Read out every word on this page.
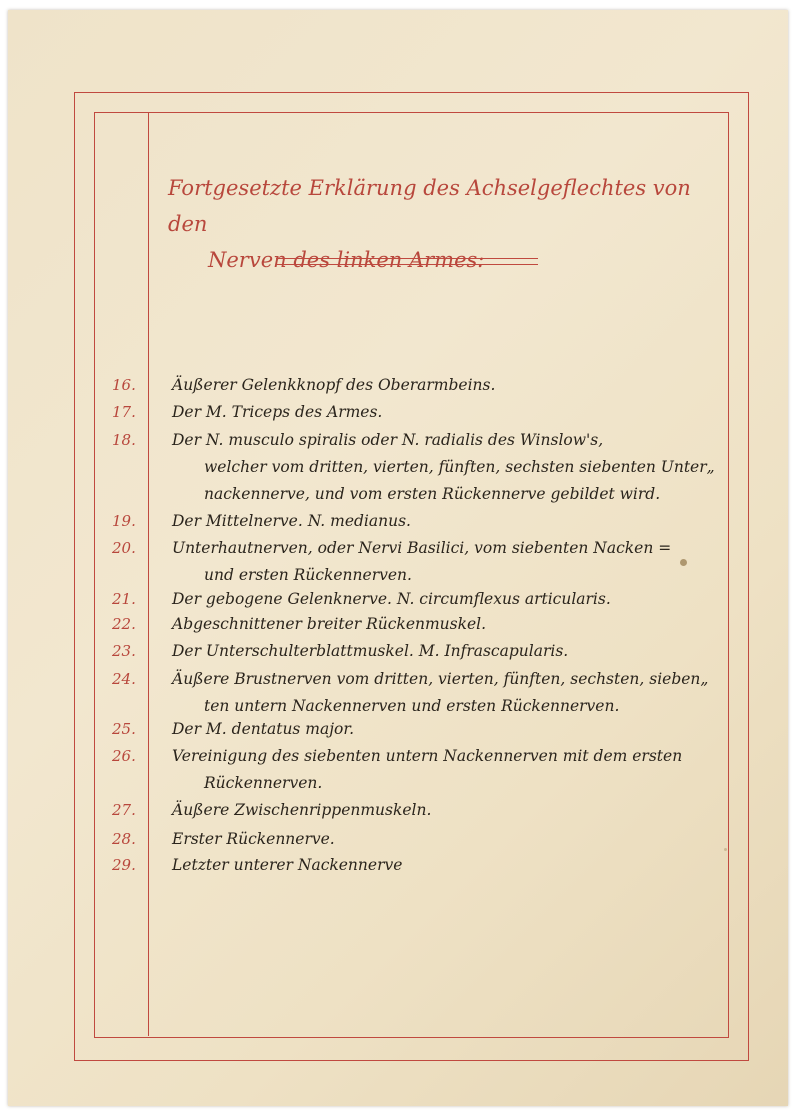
Fortgesetzte Erklärung des Achselgeflechtes von den
Nerven des linken Armes:
16.	Äußerer Gelenkknopf des Oberarmbeins.
17.	Der M. Triceps des Armes.
18.	Der N. musculo spiralis oder N. radialis des Winslow's,
welcher vom dritten, vierten, fünften, sechsten siebenten Unter„
nackennerve, und vom ersten Rückennerve gebildet wird.
19.	Der Mittelnerve. N. medianus.
20.	Unterhautnerven, oder Nervi Basilici, vom siebenten Nacken =
und ersten Rückennerven.
21.	Der gebogene Gelenknerve. N. circumflexus articularis.
22.	Abgeschnittener breiter Rückenmuskel.
23.	Der Unterschulterblattmuskel. M. Infrascapularis.
24.	Äußere Brustnerven vom dritten, vierten, fünften, sechsten, sieben„
ten untern Nackennerven und ersten Rückennerven.
25.	Der M. dentatus major.
26.	Vereinigung des siebenten untern Nackennerven mit dem ersten
Rückennerven.
27.	Äußere Zwischenrippenmuskeln.
28.	Erster Rückennerve.
29.	Letzter unterer Nackennerve
